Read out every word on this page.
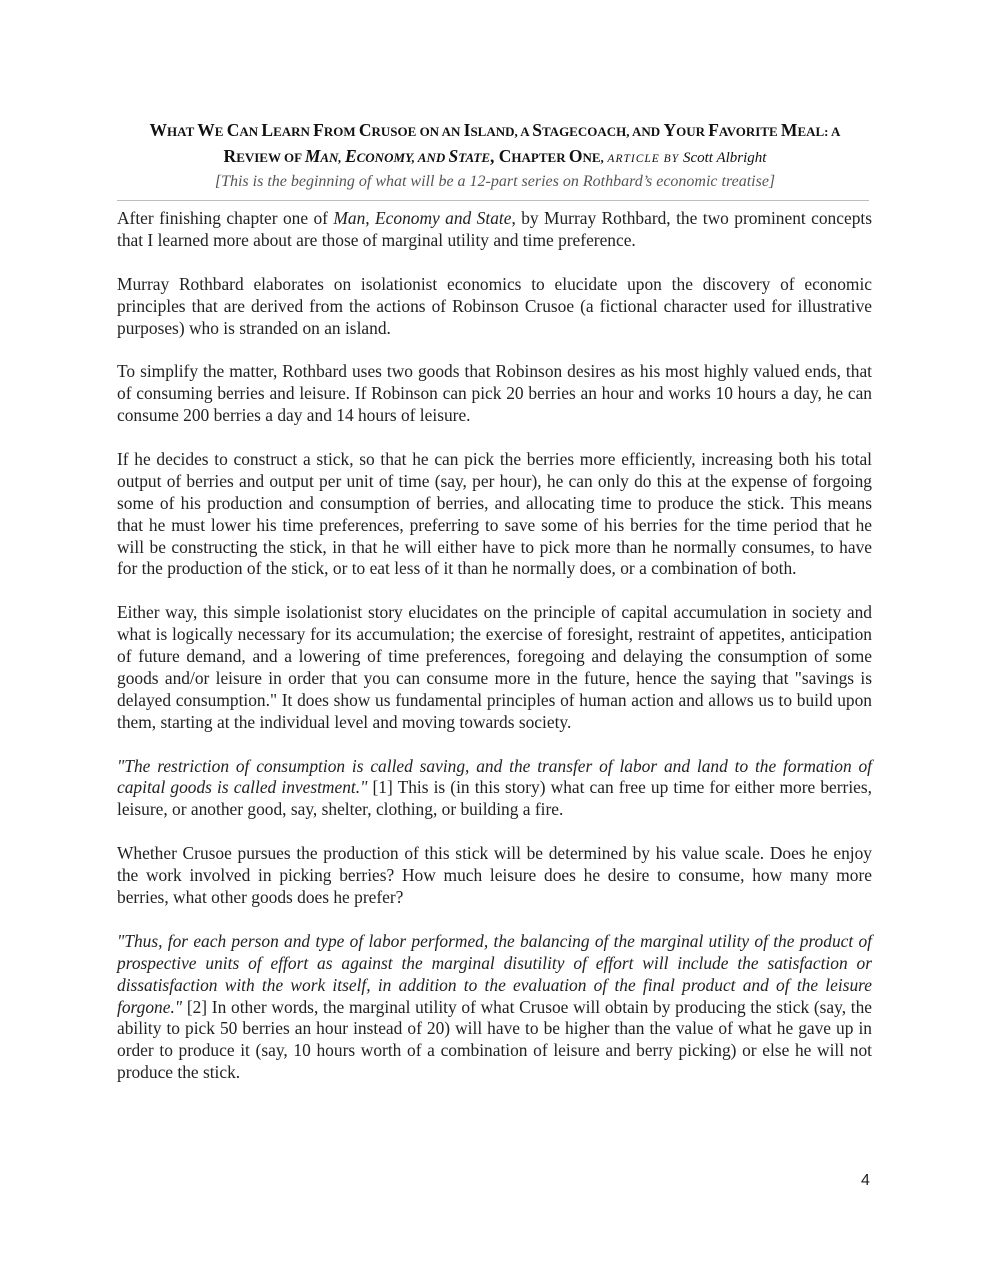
WHAT WE CAN LEARN FROM CRUSOE ON AN ISLAND, A STAGECOACH, AND YOUR FAVORITE MEAL: A
REVIEW OF MAN, ECONOMY, AND STATE, CHAPTER ONE, ARTICLE BY Scott Albright
[This is the beginning of what will be a 12-part series on Rothbard’s economic treatise]

After finishing chapter one of Man, Economy and State, by Murray Rothbard, the two prominent concepts that I learned more about are those of marginal utility and time preference.

Murray Rothbard elaborates on isolationist economics to elucidate upon the discovery of economic principles that are derived from the actions of Robinson Crusoe (a fictional character used for illustrative purposes) who is stranded on an island.

To simplify the matter, Rothbard uses two goods that Robinson desires as his most highly valued ends, that of consuming berries and leisure. If Robinson can pick 20 berries an hour and works 10 hours a day, he can consume 200 berries a day and 14 hours of leisure.

If he decides to construct a stick, so that he can pick the berries more efficiently, increasing both his total output of berries and output per unit of time (say, per hour), he can only do this at the expense of forgoing some of his production and consumption of berries, and allocating time to produce the stick. This means that he must lower his time preferences, preferring to save some of his berries for the time period that he will be constructing the stick, in that he will either have to pick more than he normally consumes, to have for the production of the stick, or to eat less of it than he normally does, or a combination of both.

Either way, this simple isolationist story elucidates on the principle of capital accumulation in society and what is logically necessary for its accumulation; the exercise of foresight, restraint of appetites, anticipation of future demand, and a lowering of time preferences, foregoing and delaying the consumption of some goods and/or leisure in order that you can consume more in the future, hence the saying that "savings is delayed consumption." It does show us fundamental principles of human action and allows us to build upon them, starting at the individual level and moving towards society.

"The restriction of consumption is called saving, and the transfer of labor and land to the formation of capital goods is called investment." [1] This is (in this story) what can free up time for either more berries, leisure, or another good, say, shelter, clothing, or building a fire.

Whether Crusoe pursues the production of this stick will be determined by his value scale. Does he enjoy the work involved in picking berries? How much leisure does he desire to consume, how many more berries, what other goods does he prefer?

"Thus, for each person and type of labor performed, the balancing of the marginal utility of the product of prospective units of effort as against the marginal disutility of effort will include the satisfaction or dissatisfaction with the work itself, in addition to the evaluation of the final product and of the leisure forgone." [2] In other words, the marginal utility of what Crusoe will obtain by producing the stick (say, the ability to pick 50 berries an hour instead of 20) will have to be higher than the value of what he gave up in order to produce it (say, 10 hours worth of a combination of leisure and berry picking) or else he will not produce the stick.

4
